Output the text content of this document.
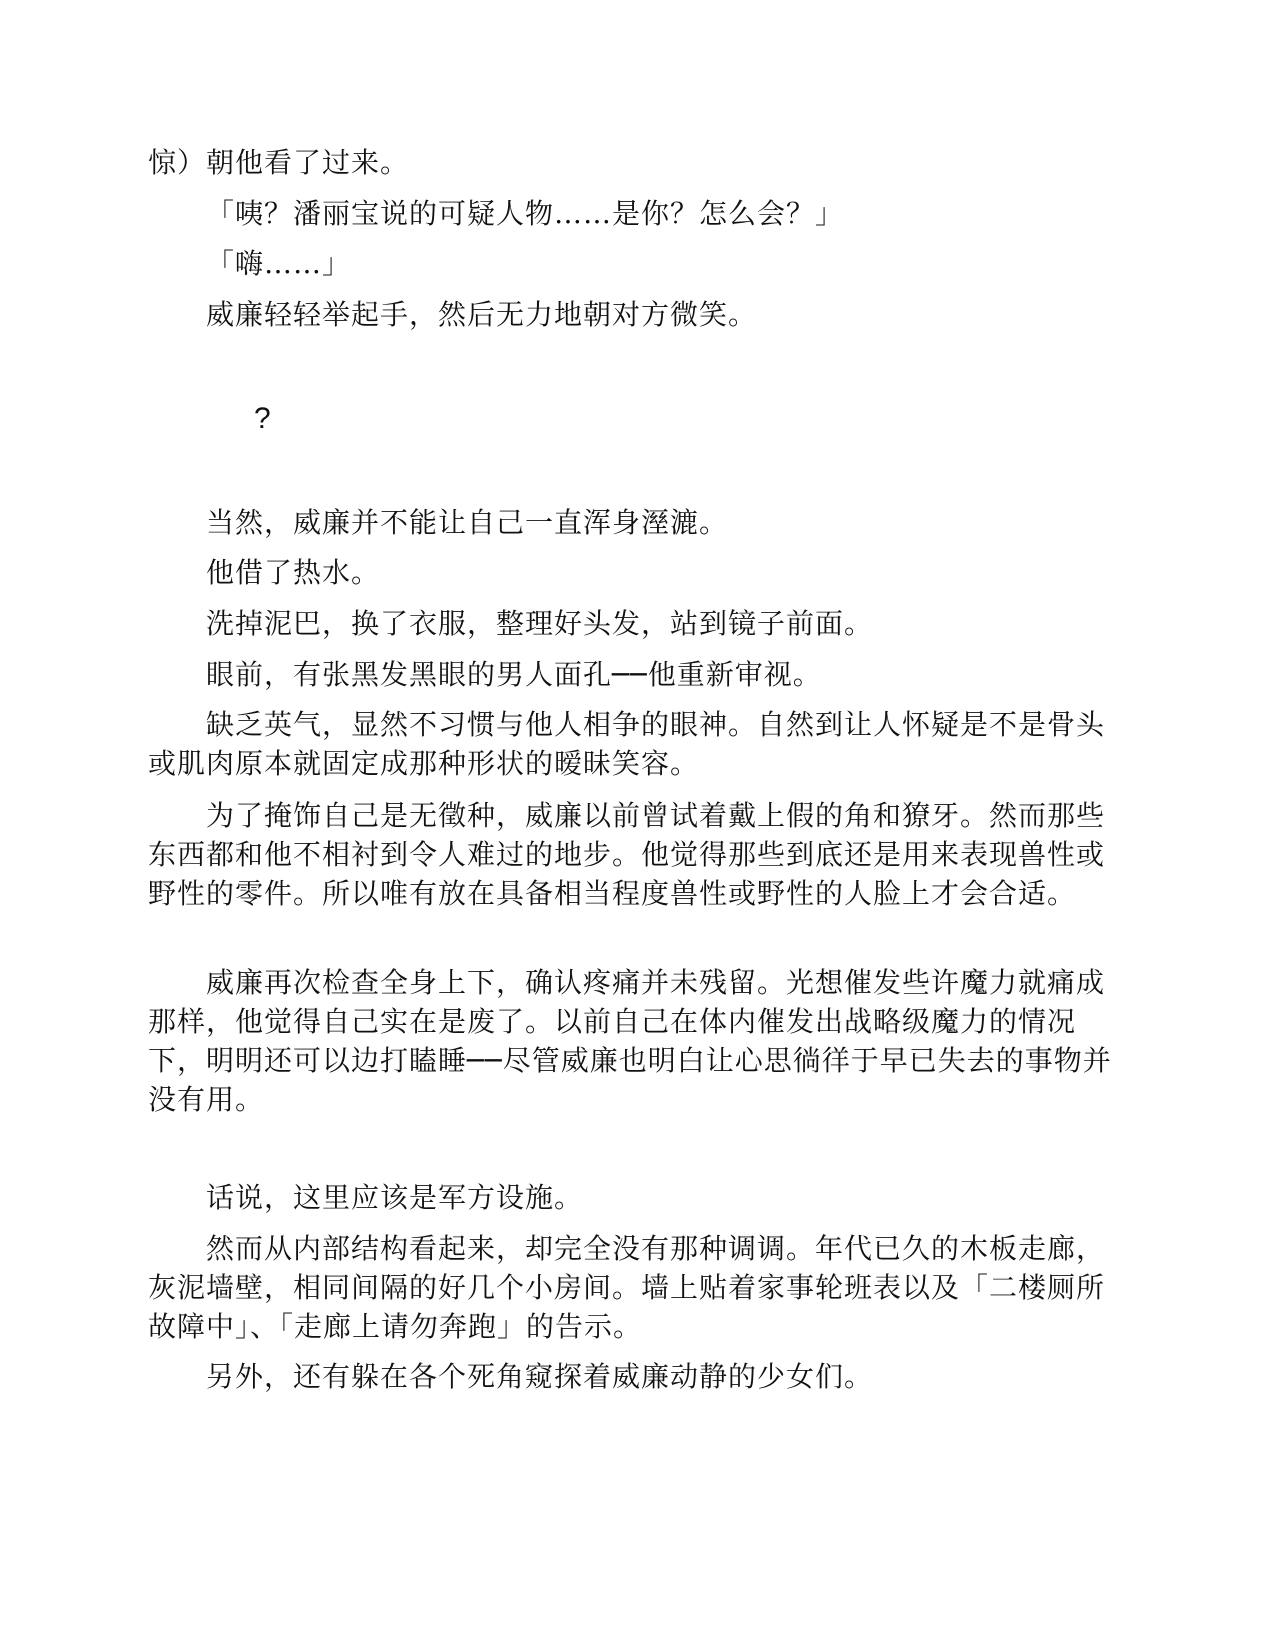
惊）朝他看了过来。

「咦？潘丽宝说的可疑人物……是你？怎么会？」

「嗨……」

威廉轻轻举起手，然后无力地朝对方微笑。

?

当然，威廉并不能让自己一直浑身溼漉。

他借了热水。

洗掉泥巴，换了衣服，整理好头发，站到镜子前面。

眼前，有张黑发黑眼的男人面孔──他重新审视。

缺乏英气，显然不习惯与他人相争的眼神。自然到让人怀疑是不是骨头或肌肉原本就固定成那种形状的暧昧笑容。

为了掩饰自己是无徵种，威廉以前曾试着戴上假的角和獠牙。然而那些东西都和他不相衬到令人难过的地步。他觉得那些到底还是用来表现兽性或野性的零件。所以唯有放在具备相当程度兽性或野性的人脸上才会合适。

威廉再次检查全身上下，确认疼痛并未残留。光想催发些许魔力就痛成那样，他觉得自己实在是废了。以前自己在体内催发出战略级魔力的情况下，明明还可以边打瞌睡──尽管威廉也明白让心思徜徉于早已失去的事物并没有用。

话说，这里应该是军方设施。

然而从内部结构看起来，却完全没有那种调调。年代已久的木板走廊，灰泥墙壁，相同间隔的好几个小房间。墙上贴着家事轮班表以及「二楼厕所故障中」、「走廊上请勿奔跑」的告示。

另外，还有躲在各个死角窥探着威廉动静的少女们。
